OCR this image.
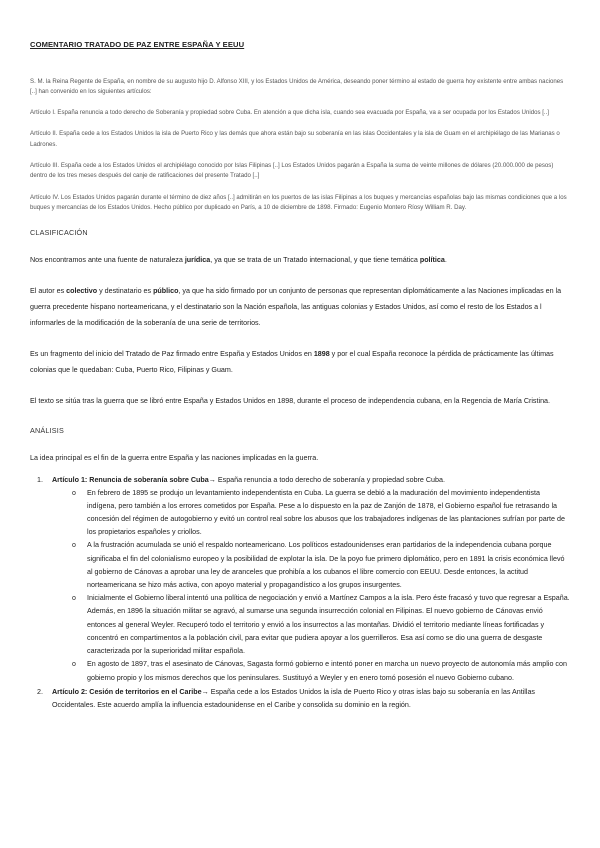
COMENTARIO TRATADO DE PAZ ENTRE ESPAÑA Y EEUU

S. M. la Reina Regente de España, en nombre de su augusto hijo D. Alfonso XIII, y los Estados Unidos de América, deseando poner término al estado de guerra hoy existente entre ambas naciones [..] han convenido en los siguientes artículos:

Artículo I. España renuncia a todo derecho de Soberanía y propiedad sobre Cuba. En atención a que dicha isla, cuando sea evacuada por España, va a ser ocupada por los Estados Unidos [..]

Artículo II. España cede a los Estados Unidos la isla de Puerto Rico y las demás que ahora están bajo su soberanía en las islas Occidentales y la isla de Guam en el archipiélago de las Marianas o Ladrones.

Artículo III. España cede a los Estados Unidos el archipiélago conocido por Islas Filipinas [..] Los Estados Unidos pagarán a España la suma de veinte millones de dólares (20.000.000 de pesos) dentro de los tres meses después del canje de ratificaciones del presente Tratado [..]

Artículo IV. Los Estados Unidos pagarán durante el término de diez años [..] admitirán en los puertos de las islas Filipinas a los buques y mercancías españolas bajo las mismas condiciones que a los buques y mercancías de los Estados Unidos. Hecho público por duplicado en París, a 10 de diciembre de 1898. Firmado: Eugenio Montero Ríosy William R. Day.

CLASIFICACIÓN

Nos encontramos ante una fuente de naturaleza jurídica, ya que se trata de un Tratado internacional, y que tiene temática política.

El autor es colectivo y destinatario es público, ya que ha sido firmado por un conjunto de personas que representan diplomáticamente a las Naciones implicadas en la guerra precedente hispano norteamericana, y el destinatario son la Nación española, las antiguas colonias y Estados Unidos, así como el resto de los Estados a l informarles de la modificación de la soberanía de una serie de territorios.

Es un fragmento del inicio del Tratado de Paz firmado entre España y Estados Unidos en 1898 y por el cual España reconoce la pérdida de prácticamente las últimas colonias que le quedaban: Cuba, Puerto Rico, Filipinas y Guam.

El texto se sitúa tras la guerra que se libró entre España y Estados Unidos en 1898, durante el proceso de independencia cubana, en la Regencia de María Cristina.

ANÁLISIS

La idea principal es el fin de la guerra entre España y las naciones implicadas en la guerra.

1. Artículo 1: Renuncia de soberanía sobre Cuba→ España renuncia a todo derecho de soberanía y propiedad sobre Cuba.
o En febrero de 1895 se produjo un levantamiento independentista en Cuba. La guerra se debió a la maduración del movimiento independentista indígena, pero también a los errores cometidos por España. Pese a lo dispuesto en la paz de Zanjón de 1878, el Gobierno español fue retrasando la concesión del régimen de autogobierno y evitó un control real sobre los abusos que los trabajadores indígenas de las plantaciones sufrían por parte de los propietarios españoles y criollos.
o A la frustración acumulada se unió el respaldo norteamericano. Los políticos estadounidenses eran partidarios de la independencia cubana porque significaba el fin del colonialismo europeo y la posibilidad de explotar la isla. De la poyo fue primero diplomático, pero en 1891 la crisis económica llevó al gobierno de Cánovas a aprobar una ley de aranceles que prohibía a los cubanos el libre comercio con EEUU. Desde entonces, la actitud norteamericana se hizo más activa, con apoyo material y propagandístico a los grupos insurgentes.
o Inicialmente el Gobierno liberal intentó una política de negociación y envió a Martínez Campos a la isla. Pero éste fracasó y tuvo que regresar a España. Además, en 1896 la situación militar se agravó, al sumarse una segunda insurrección colonial en Filipinas. El nuevo gobierno de Cánovas envió entonces al general Weyler. Recuperó todo el territorio y envió a los insurrectos a las montañas. Dividió el territorio mediante líneas fortificadas y concentró en compartimentos a la población civil, para evitar que pudiera apoyar a los guerrilleros. Esa así como se dio una guerra de desgaste caracterizada por la superioridad militar española.
o En agosto de 1897, tras el asesinato de Cánovas, Sagasta formó gobierno e intentó poner en marcha un nuevo proyecto de autonomía más amplio con gobierno propio y los mismos derechos que los peninsulares. Sustituyó a Weyler y en enero tomó posesión el nuevo Gobierno cubano.
2. Artículo 2: Cesión de territorios en el Caribe→ España cede a los Estados Unidos la isla de Puerto Rico y otras islas bajo su soberanía en las Antillas Occidentales. Este acuerdo amplía la influencia estadounidense en el Caribe y consolida su dominio en la región.
